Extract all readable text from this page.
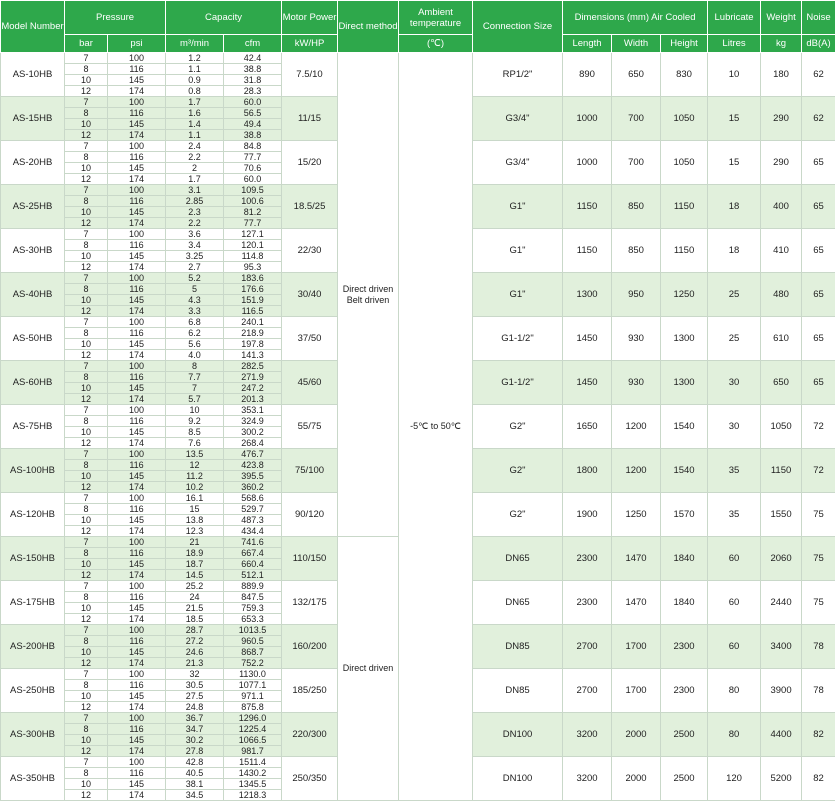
Model Number	Pressure		Capacity		Motor Power	Direct method	Ambient temperature	Connection Size	Dimensions (mm) Air Cooled			Lubricate	Weight	Noise
	bar	psi	m³/min	cfm	kW/HP		(℃)		Length	Width	Height	Litres	kg	dB(A)
AS-10HB	7	100	1.2	42.4	7.5/10	Direct driven Belt driven	-5℃ to 50℃	RP1/2"	890	650	830	10	180	62
	8	116	1.1	38.8										
	10	145	0.9	31.8										
	12	174	0.8	28.3										
AS-15HB	7	100	1.7	60.0	11/15			G3/4"	1000	700	1050	15	290	62
	8	116	1.6	56.5										
	10	145	1.4	49.4										
	12	174	1.1	38.8										
AS-20HB	7	100	2.4	84.8	15/20			G3/4"	1000	700	1050	15	290	65
	8	116	2.2	77.7										
	10	145	2	70.6										
	12	174	1.7	60.0										
AS-25HB	7	100	3.1	109.5	18.5/25			G1"	1150	850	1150	18	400	65
	8	116	2.85	100.6										
	10	145	2.3	81.2										
	12	174	2.2	77.7										
AS-30HB	7	100	3.6	127.1	22/30			G1"	1150	850	1150	18	410	65
	8	116	3.4	120.1										
	10	145	3.25	114.8										
	12	174	2.7	95.3										
AS-40HB	7	100	5.2	183.6	30/40			G1"	1300	950	1250	25	480	65
	8	116	5	176.6										
	10	145	4.3	151.9										
	12	174	3.3	116.5										
AS-50HB	7	100	6.8	240.1	37/50			G1-1/2"	1450	930	1300	25	610	65
	8	116	6.2	218.9										
	10	145	5.6	197.8										
	12	174	4.0	141.3										
AS-60HB	7	100	8	282.5	45/60			G1-1/2"	1450	930	1300	30	650	65
	8	116	7.7	271.9										
	10	145	7	247.2										
	12	174	5.7	201.3										
AS-75HB	7	100	10	353.1	55/75			G2"	1650	1200	1540	30	1050	72
	8	116	9.2	324.9										
	10	145	8.5	300.2										
	12	174	7.6	268.4										
AS-100HB	7	100	13.5	476.7	75/100			G2"	1800	1200	1540	35	1150	72
	8	116	12	423.8										
	10	145	11.2	395.5										
	12	174	10.2	360.2										
AS-120HB	7	100	16.1	568.6	90/120			G2"	1900	1250	1570	35	1550	75
	8	116	15	529.7										
	10	145	13.8	487.3										
	12	174	12.3	434.4										
AS-150HB	7	100	21	741.6	110/150	Direct driven		DN65	2300	1470	1840	60	2060	75
	8	116	18.9	667.4										
	10	145	18.7	660.4										
	12	174	14.5	512.1										
AS-175HB	7	100	25.2	889.9	132/175			DN65	2300	1470	1840	60	2440	75
	8	116	24	847.5										
	10	145	21.5	759.3										
	12	174	18.5	653.3										
AS-200HB	7	100	28.7	1013.5	160/200			DN85	2700	1700	2300	60	3400	78
	8	116	27.2	960.5										
	10	145	24.6	868.7										
	12	174	21.3	752.2										
AS-250HB	7	100	32	1130.0	185/250			DN85	2700	1700	2300	80	3900	78
	8	116	30.5	1077.1										
	10	145	27.5	971.1										
	12	174	24.8	875.8										
AS-300HB	7	100	36.7	1296.0	220/300			DN100	3200	2000	2500	80	4400	82
	8	116	34.7	1225.4										
	10	145	30.2	1066.5										
	12	174	27.8	981.7										
AS-350HB	7	100	42.8	1511.4	250/350			DN100	3200	2000	2500	120	5200	82
	8	116	40.5	1430.2										
	10	145	38.1	1345.5										
	12	174	34.5	1218.3										
